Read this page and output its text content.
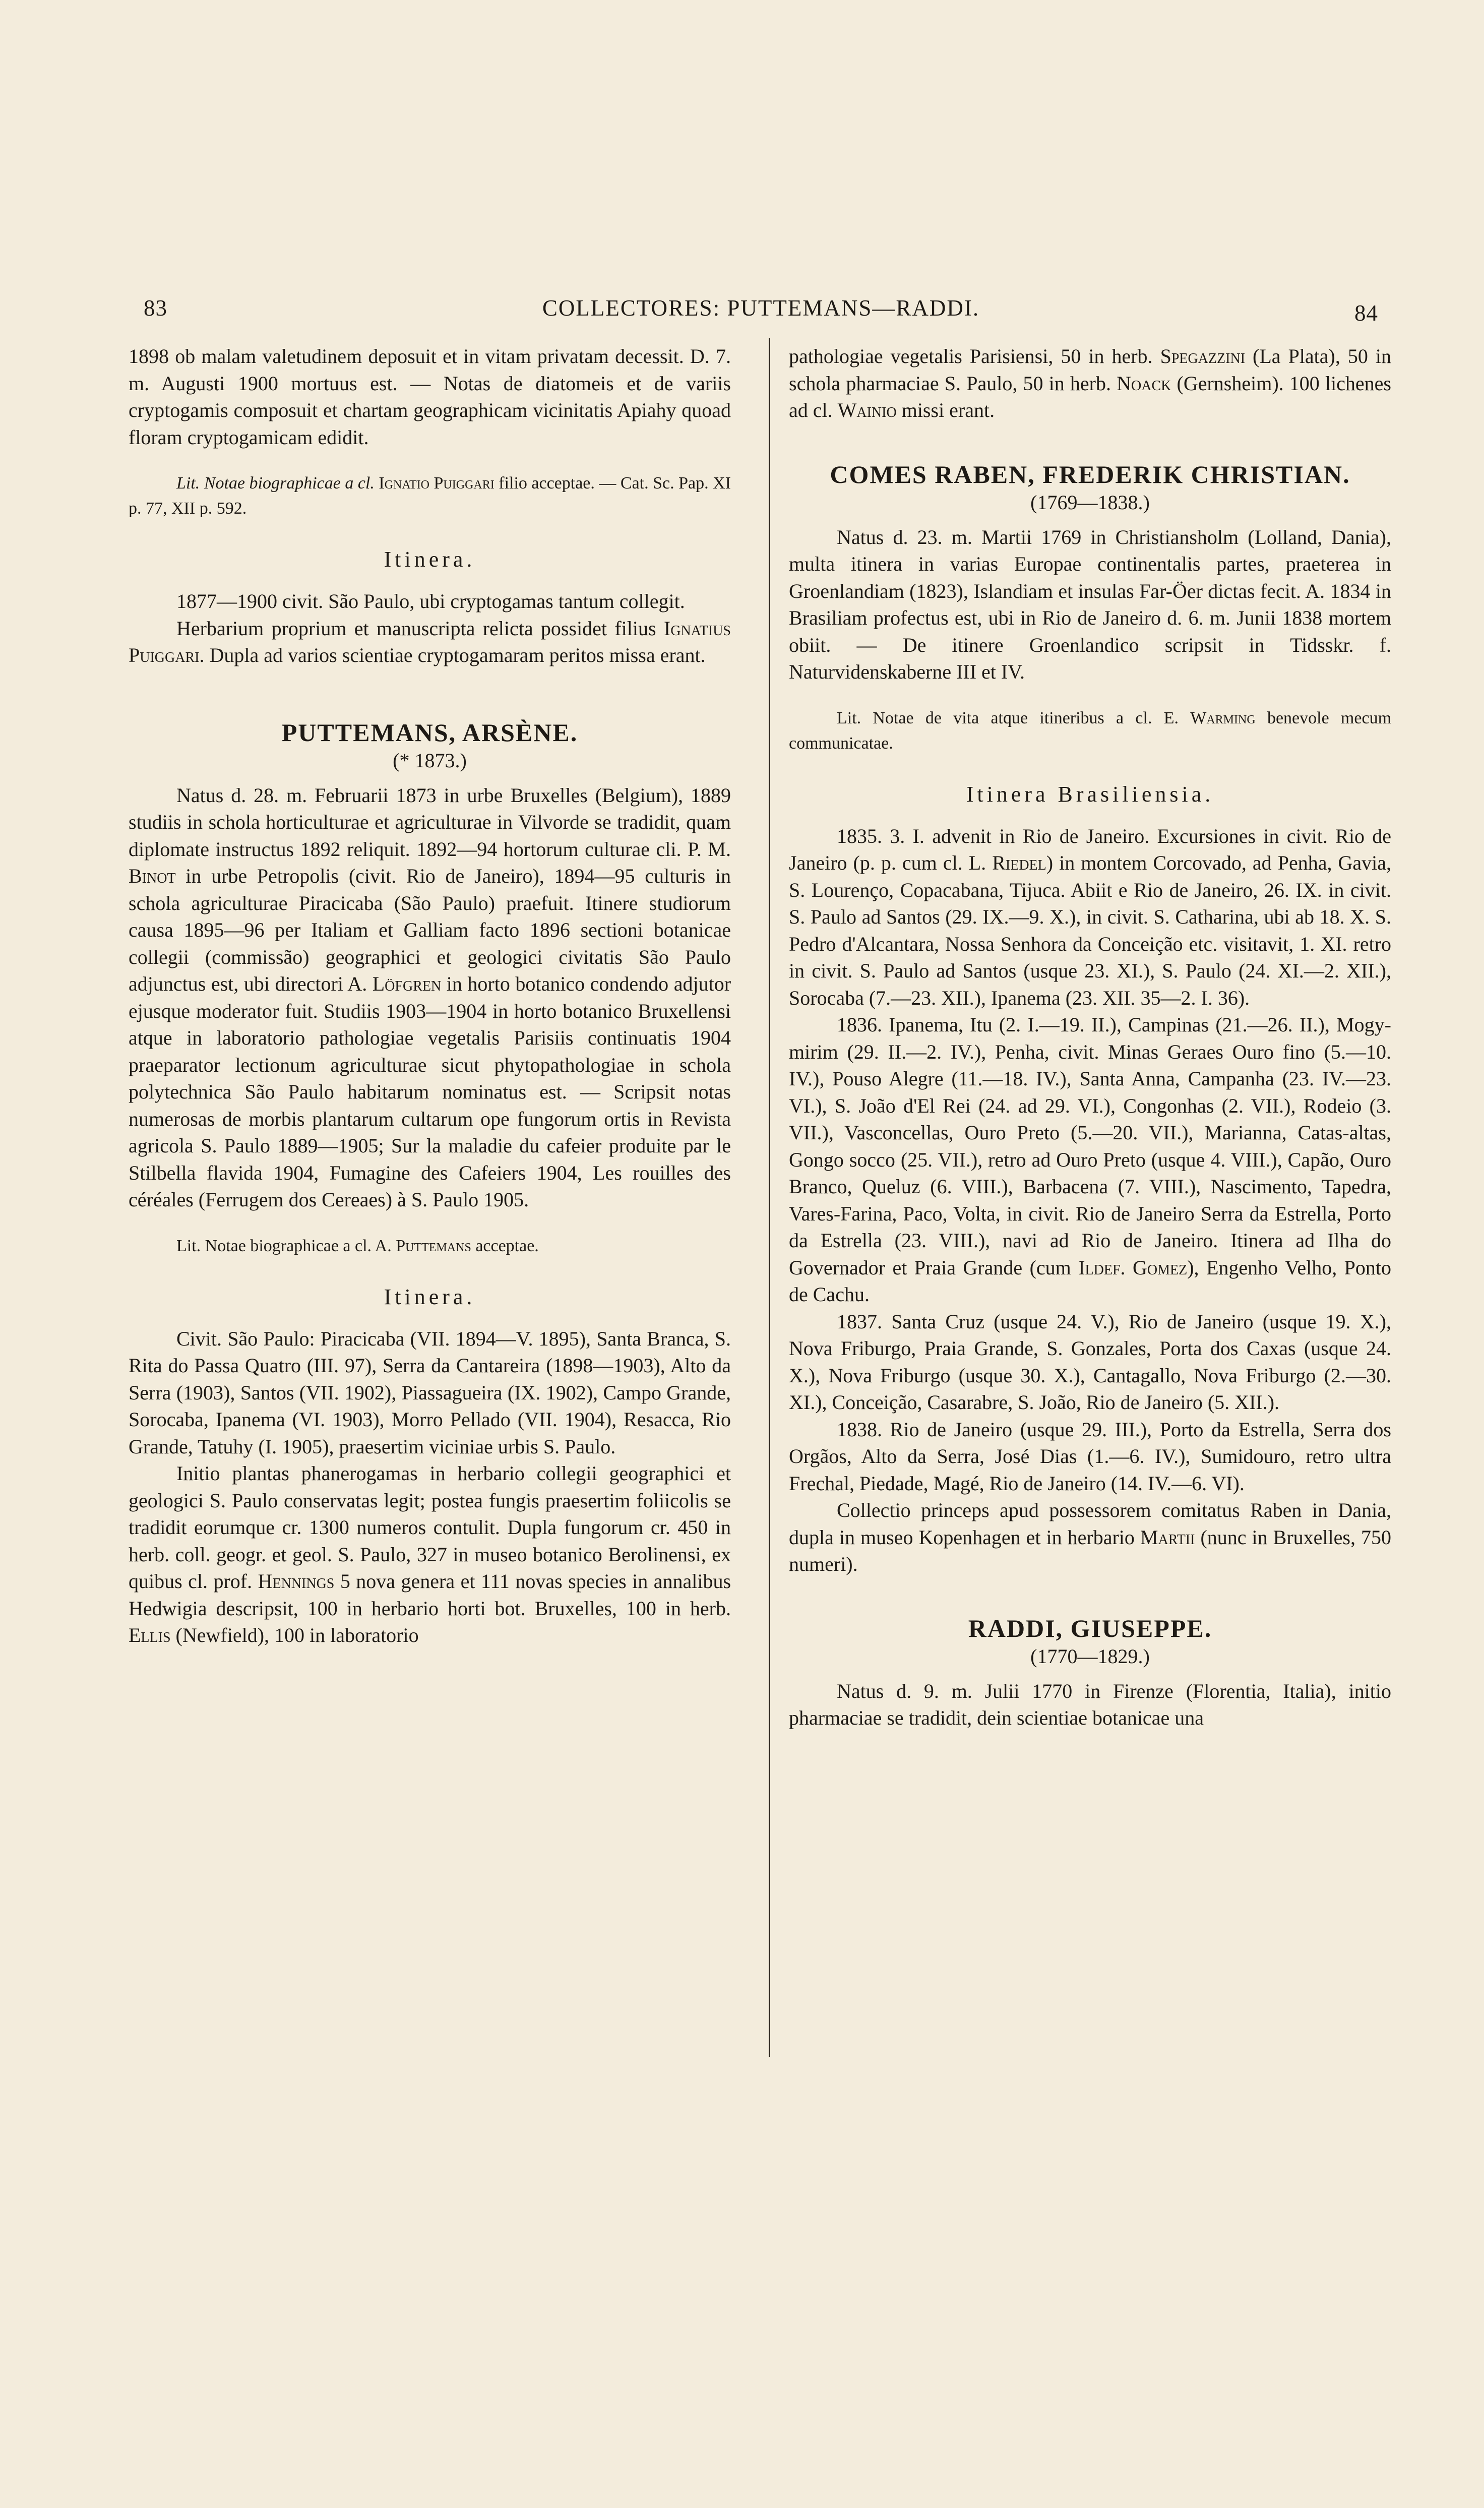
83	COLLECTORES: PUTTEMANS—RADDI.	84

1898 ob malam valetudinem deposuit et in vitam privatam decessit. D. 7. m. Augusti 1900 mortuus est. — Notas de diatomeis et de variis cryptogamis composuit et chartam geographicam vicinitatis Apiahy quoad floram cryptogamicam edidit.

Lit. Notae biographicae a cl. Ignatio Puiggari filio acceptae. — Cat. Sc. Pap. XI p. 77, XII p. 592.

Itinera.

1877—1900 civit. São Paulo, ubi cryptogamas tantum collegit.

Herbarium proprium et manuscripta relicta possidet filius Ignatius Puiggari. Dupla ad varios scientiae cryptogamaram peritos missa erant.

PUTTEMANS, ARSÈNE.
(* 1873.)

Natus d. 28. m. Februarii 1873 in urbe Bruxelles (Belgium), 1889 studiis in schola horticulturae et agriculturae in Vilvorde se tradidit, quam diplomate instructus 1892 reliquit. 1892—94 hortorum culturae cli. P. M. Binot in urbe Petropolis (civit. Rio de Janeiro), 1894—95 culturis in schola agriculturae Piracicaba (São Paulo) praefuit. Itinere studiorum causa 1895—96 per Italiam et Galliam facto 1896 sectioni botanicae collegii (commissão) geographici et geologici civitatis São Paulo adjunctus est, ubi directori A. Löfgren in horto botanico condendo adjutor ejusque moderator fuit. Studiis 1903—1904 in horto botanico Bruxellensi atque in laboratorio pathologiae vegetalis Parisiis continuatis 1904 praeparator lectionum agriculturae sicut phytopathologiae in schola polytechnica São Paulo habitarum nominatus est. — Scripsit notas numerosas de morbis plantarum cultarum ope fungorum ortis in Revista agricola S. Paulo 1889—1905; Sur la maladie du cafeier produite par le Stilbella flavida 1904, Fumagine des Cafeiers 1904, Les rouilles des céréales (Ferrugem dos Cereaes) à S. Paulo 1905.

Lit. Notae biographicae a cl. A. Puttemans acceptae.

Itinera.

Civit. São Paulo: Piracicaba (VII. 1894—V. 1895), Santa Branca, S. Rita do Passa Quatro (III. 97), Serra da Cantareira (1898—1903), Alto da Serra (1903), Santos (VII. 1902), Piassagueira (IX. 1902), Campo Grande, Sorocaba, Ipanema (VI. 1903), Morro Pellado (VII. 1904), Resacca, Rio Grande, Tatuhy (I. 1905), praesertim viciniae urbis S. Paulo.

Initio plantas phanerogamas in herbario collegii geographici et geologici S. Paulo conservatas legit; postea fungis praesertim foliicolis se tradidit eorumque cr. 1300 numeros contulit. Dupla fungorum cr. 450 in herb. coll. geogr. et geol. S. Paulo, 327 in museo botanico Berolinensi, ex quibus cl. prof. Hennings 5 nova genera et 111 novas species in annalibus Hedwigia descripsit, 100 in herbario horti bot. Bruxelles, 100 in herb. Ellis (Newfield), 100 in laboratorio

pathologiae vegetalis Parisiensi, 50 in herb. Spegazzini (La Plata), 50 in schola pharmaciae S. Paulo, 50 in herb. Noack (Gernsheim). 100 lichenes ad cl. Wainio missi erant.

COMES RABEN, FREDERIK CHRISTIAN.
(1769—1838.)

Natus d. 23. m. Martii 1769 in Christiansholm (Lolland, Dania), multa itinera in varias Europae continentalis partes, praeterea in Groenlandiam (1823), Islandiam et insulas Far-Öer dictas fecit. A. 1834 in Brasiliam profectus est, ubi in Rio de Janeiro d. 6. m. Junii 1838 mortem obiit. — De itinere Groenlandico scripsit in Tidsskr. f. Naturvidenskaberne III et IV.

Lit. Notae de vita atque itineribus a cl. E. Warming benevole mecum communicatae.

Itinera Brasiliensia.

1835. 3. I. advenit in Rio de Janeiro. Excursiones in civit. Rio de Janeiro (p. p. cum cl. L. Riedel) in montem Corcovado, ad Penha, Gavia, S. Lourenço, Copacabana, Tijuca. Abiit e Rio de Janeiro, 26. IX. in civit. S. Paulo ad Santos (29. IX.—9. X.), in civit. S. Catharina, ubi ab 18. X. S. Pedro d'Alcantara, Nossa Senhora da Conceição etc. visitavit, 1. XI. retro in civit. S. Paulo ad Santos (usque 23. XI.), S. Paulo (24. XI.—2. XII.), Sorocaba (7.—23. XII.), Ipanema (23. XII. 35—2. I. 36).

1836. Ipanema, Itu (2. I.—19. II.), Campinas (21.—26. II.), Mogy-mirim (29. II.—2. IV.), Penha, civit. Minas Geraes Ouro fino (5.—10. IV.), Pouso Alegre (11.—18. IV.), Santa Anna, Campanha (23. IV.—23. VI.), S. João d'El Rei (24. ad 29. VI.), Congonhas (2. VII.), Rodeio (3. VII.), Vasconcellas, Ouro Preto (5.—20. VII.), Marianna, Catas-altas, Gongo socco (25. VII.), retro ad Ouro Preto (usque 4. VIII.), Capão, Ouro Branco, Queluz (6. VIII.), Barbacena (7. VIII.), Nascimento, Tapedra, Vares-Farina, Paco, Volta, in civit. Rio de Janeiro Serra da Estrella, Porto da Estrella (23. VIII.), navi ad Rio de Janeiro. Itinera ad Ilha do Governador et Praia Grande (cum Ildef. Gomez), Engenho Velho, Ponto de Cachu.

1837. Santa Cruz (usque 24. V.), Rio de Janeiro (usque 19. X.), Nova Friburgo, Praia Grande, S. Gonzales, Porta dos Caxas (usque 24. X.), Nova Friburgo (usque 30. X.), Cantagallo, Nova Friburgo (2.—30. XI.), Conceição, Casarabre, S. João, Rio de Janeiro (5. XII.).

1838. Rio de Janeiro (usque 29. III.), Porto da Estrella, Serra dos Orgãos, Alto da Serra, José Dias (1.—6. IV.), Sumidouro, retro ultra Frechal, Piedade, Magé, Rio de Janeiro (14. IV.—6. VI).

Collectio princeps apud possessorem comitatus Raben in Dania, dupla in museo Kopenhagen et in herbario Martii (nunc in Bruxelles, 750 numeri).

RADDI, GIUSEPPE.
(1770—1829.)

Natus d. 9. m. Julii 1770 in Firenze (Florentia, Italia), initio pharmaciae se tradidit, dein scientiae botanicae una
